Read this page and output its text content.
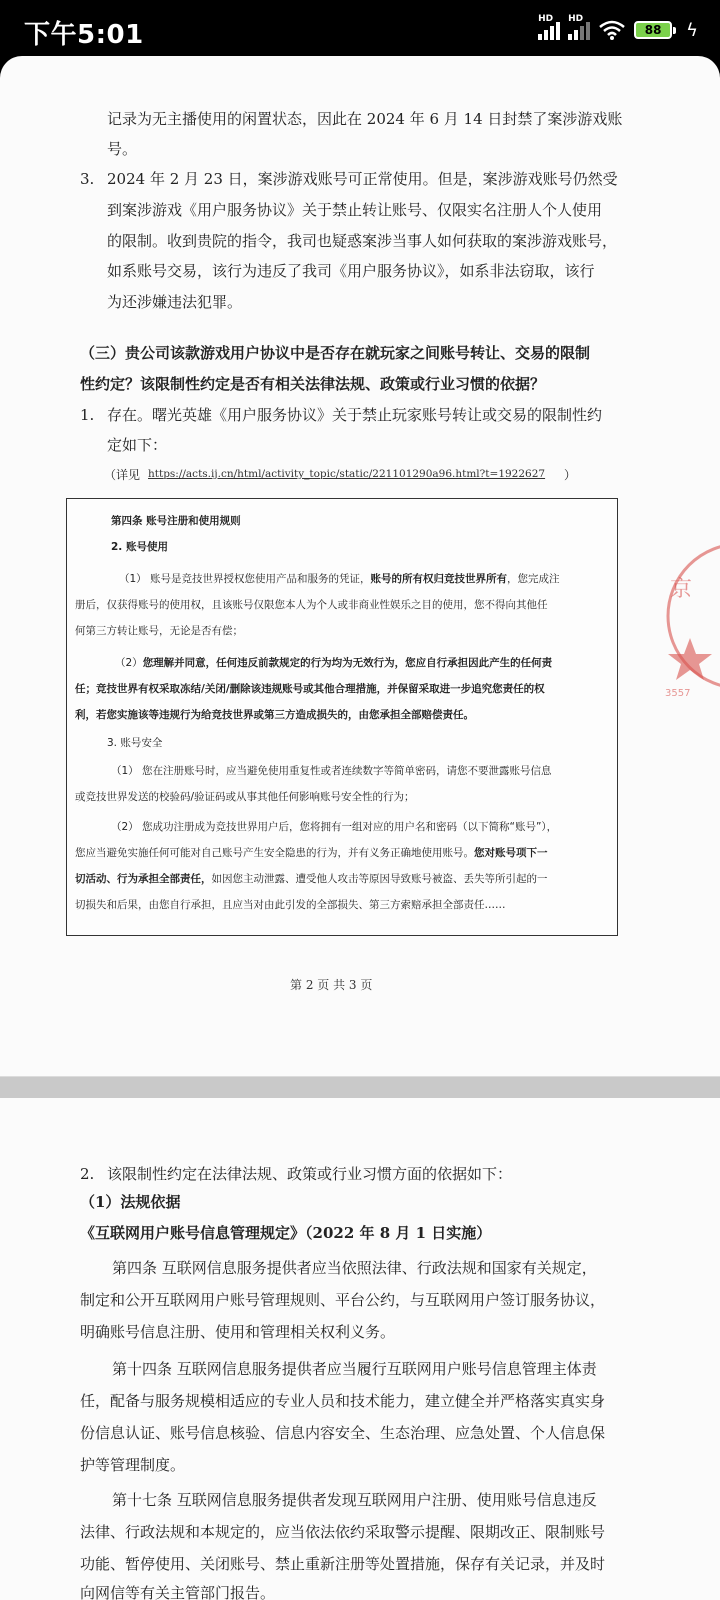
下午5:01
HD HD
88	ϟ
记录为无主播使用的闲置状态，因此在 2024 年 6 月 14 日封禁了案涉游戏账
号。
3. 2024 年 2 月 23 日，案涉游戏账号可正常使用。但是，案涉游戏账号仍然受
到案涉游戏《用户服务协议》关于禁止转让账号、仅限实名注册人个人使用
的限制。收到贵院的指令，我司也疑惑案涉当事人如何获取的案涉游戏账号，
如系账号交易，该行为违反了我司《用户服务协议》，如系非法窃取，该行
为还涉嫌违法犯罪。
（三）贵公司该款游戏用户协议中是否存在就玩家之间账号转让、交易的限制
性约定？该限制性约定是否有相关法律法规、政策或行业习惯的依据？
1. 存在。曙光英雄《用户服务协议》关于禁止玩家账号转让或交易的限制性约
定如下：
（详见 https://acts.ij.cn/html/activity_topic/static/221101290a96.html?t=1922627 ）
第四条 账号注册和使用规则
2. 账号使用
（1） 账号是竞技世界授权您使用产品和服务的凭证，账号的所有权归竞技世界所有，您完成注
册后，仅获得账号的使用权，且该账号仅限您本人为个人或非商业性娱乐之目的使用，您不得向其他任
何第三方转让账号，无论是否有偿；
（2）您理解并同意，任何违反前款规定的行为均为无效行为，您应自行承担因此产生的任何责
任；竞技世界有权采取冻结/关闭/删除该违规账号或其他合理措施，并保留采取进一步追究您责任的权
利，若您实施该等违规行为给竞技世界或第三方造成损失的，由您承担全部赔偿责任。
3. 账号安全
（1） 您在注册账号时，应当避免使用重复性或者连续数字等简单密码，请您不要泄露账号信息
或竞技世界发送的校验码/验证码或从事其他任何影响账号安全性的行为；
（2） 您成功注册成为竞技世界用户后，您将拥有一组对应的用户名和密码（以下简称“账号”），
您应当避免实施任何可能对自己账号产生安全隐患的行为，并有义务正确地使用账号。您对账号项下一
切活动、行为承担全部责任，如因您主动泄露、遭受他人攻击等原因导致账号被盗、丢失等所引起的一
切损失和后果，由您自行承担，且应当对由此引发的全部损失、第三方索赔承担全部责任……
第 2 页 共 3 页
京
3557
2. 该限制性约定在法律法规、政策或行业习惯方面的依据如下：
（1）法规依据
《互联网用户账号信息管理规定》（2022 年 8 月 1 日实施）
第四条 互联网信息服务提供者应当依照法律、行政法规和国家有关规定，
制定和公开互联网用户账号管理规则、平台公约，与互联网用户签订服务协议，
明确账号信息注册、使用和管理相关权利义务。
第十四条 互联网信息服务提供者应当履行互联网用户账号信息管理主体责
任，配备与服务规模相适应的专业人员和技术能力，建立健全并严格落实真实身
份信息认证、账号信息核验、信息内容安全、生态治理、应急处置、个人信息保
护等管理制度。
第十七条 互联网信息服务提供者发现互联网用户注册、使用账号信息违反
法律、行政法规和本规定的，应当依法依约采取警示提醒、限期改正、限制账号
功能、暂停使用、关闭账号、禁止重新注册等处置措施，保存有关记录，并及时
向网信等有关主管部门报告。
